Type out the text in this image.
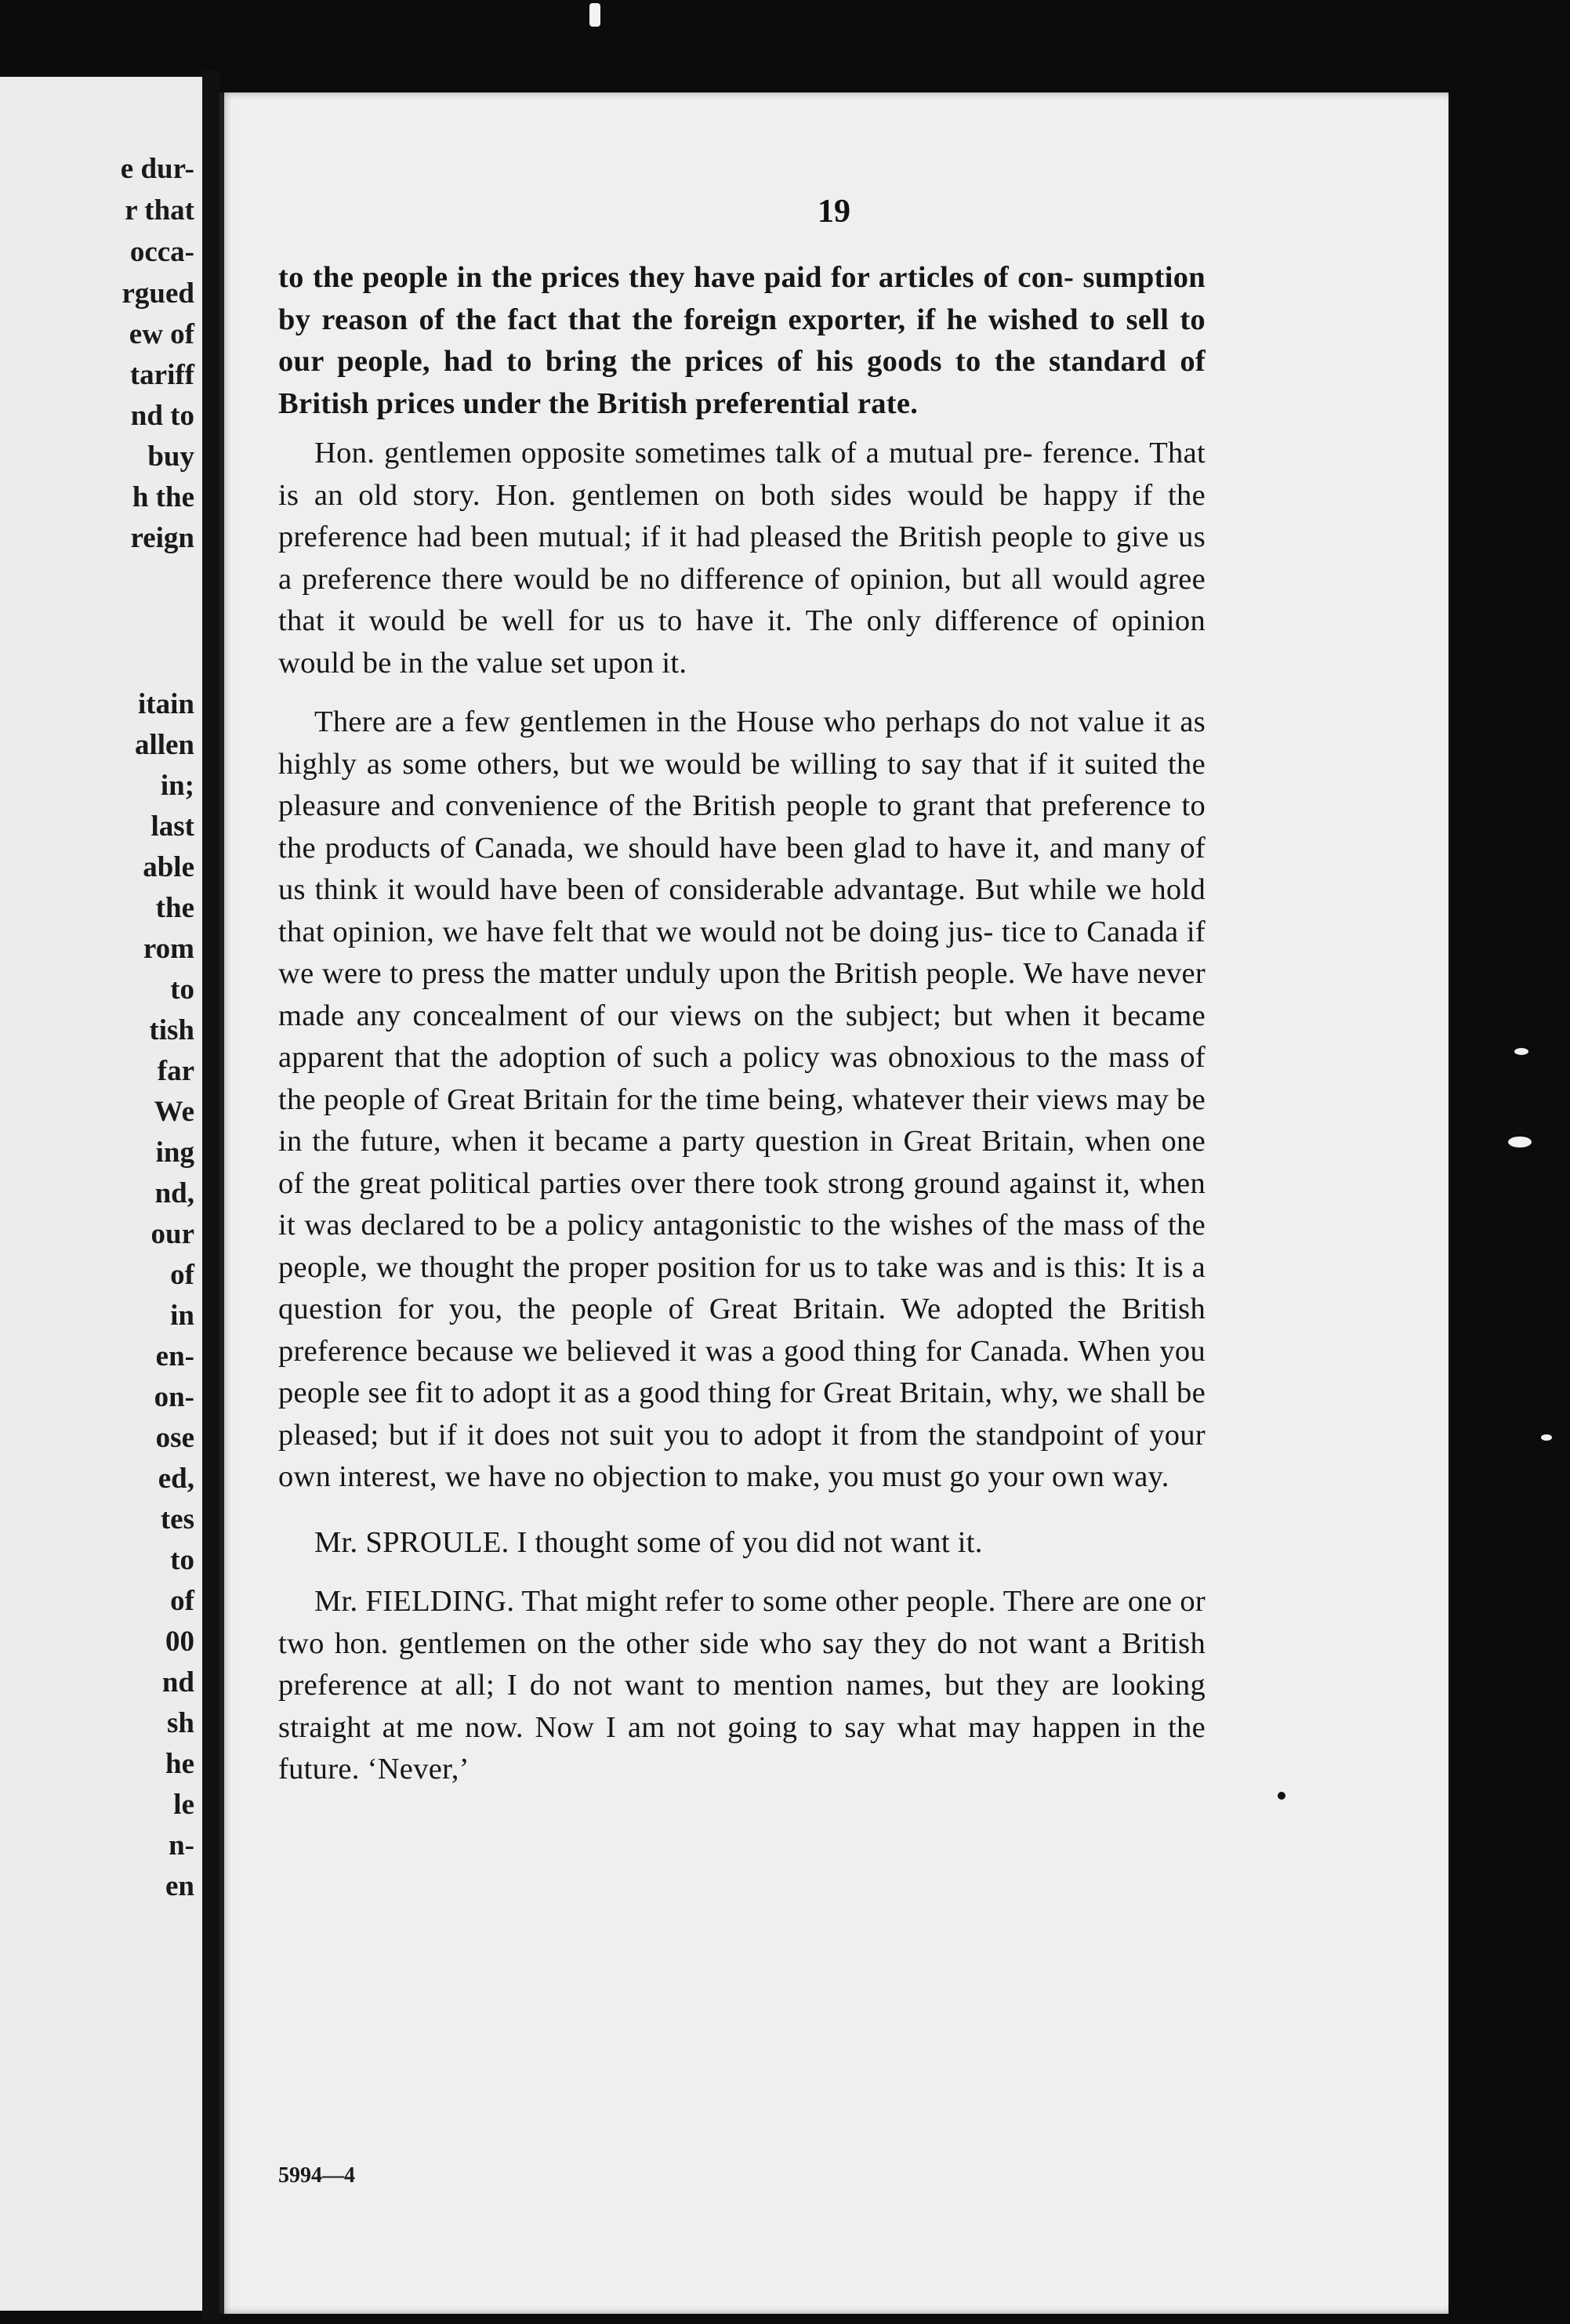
e dur-
r that
occa-
rgued
ew of
tariff
nd to
buy
h the
reign
itain
allen
in;
last
able
the
rom
to
tish
far
We
ing
nd,
our
of
in
en-
on-
ose
ed,
tes
to
of
00
nd
sh
he
le
n-
en
19

to thе people in the prices they have paid for articles of con- sumption by reason of the fact that the foreign exporter, if he wished to sell to our people, had to bring the prices of his goods to the standard of British prices under the British preferential rate.

Hon. gentlemen opposite sometimes talk of a mutual pre- ference. That is an old story. Hon. gentlemen on both sides would be happy if the preference had been mutual; if it had pleased the British people to give us a preference there would be no difference of opinion, but all would agree that it would be well for us to have it. The only difference of opinion would be in the value set upon it.

There are a few gentlemen in the House who perhaps do not value it as highly as some others, but we would be willing to say that if it suited the pleasure and convenience of the British people to grant that preference to the products of Canada, we should have been glad to have it, and many of us think it would have been of considerable advantage. But while we hold that opinion, we have felt that we would not be doing jus- tice to Canada if we were to press the matter unduly upon the British people. We have never made any concealment of our views on the subject; but when it became apparent that the adoption of such a policy was obnoxious to the mass of the people of Great Britain for the time being, whatever their views may be in the future, when it became a party question in Great Britain, when one of the great political parties over there took strong ground against it, when it was declared to be a policy antagonistic to the wishes of the mass of the people, we thought the proper position for us to take was and is this: It is a question for you, the people of Great Britain. We adopted the British preference because we believed it was a good thing for Canada. When you people see fit to adopt it as a good thing for Great Britain, why, we shall be pleased; but if it does not suit you to adopt it from the standpoint of your own interest, we have no objection to make, you must go your own way.

Mr. SPROULE. I thought some of you did not want it.

Mr. FIELDING. That might refer to some other people. There are one or two hon. gentlemen on the other side who say they do not want a British preference at all; I do not want to mention names, but they are looking straight at me now. Now I am not going to say what may happen in the future. ‘Never,’

5994—4
